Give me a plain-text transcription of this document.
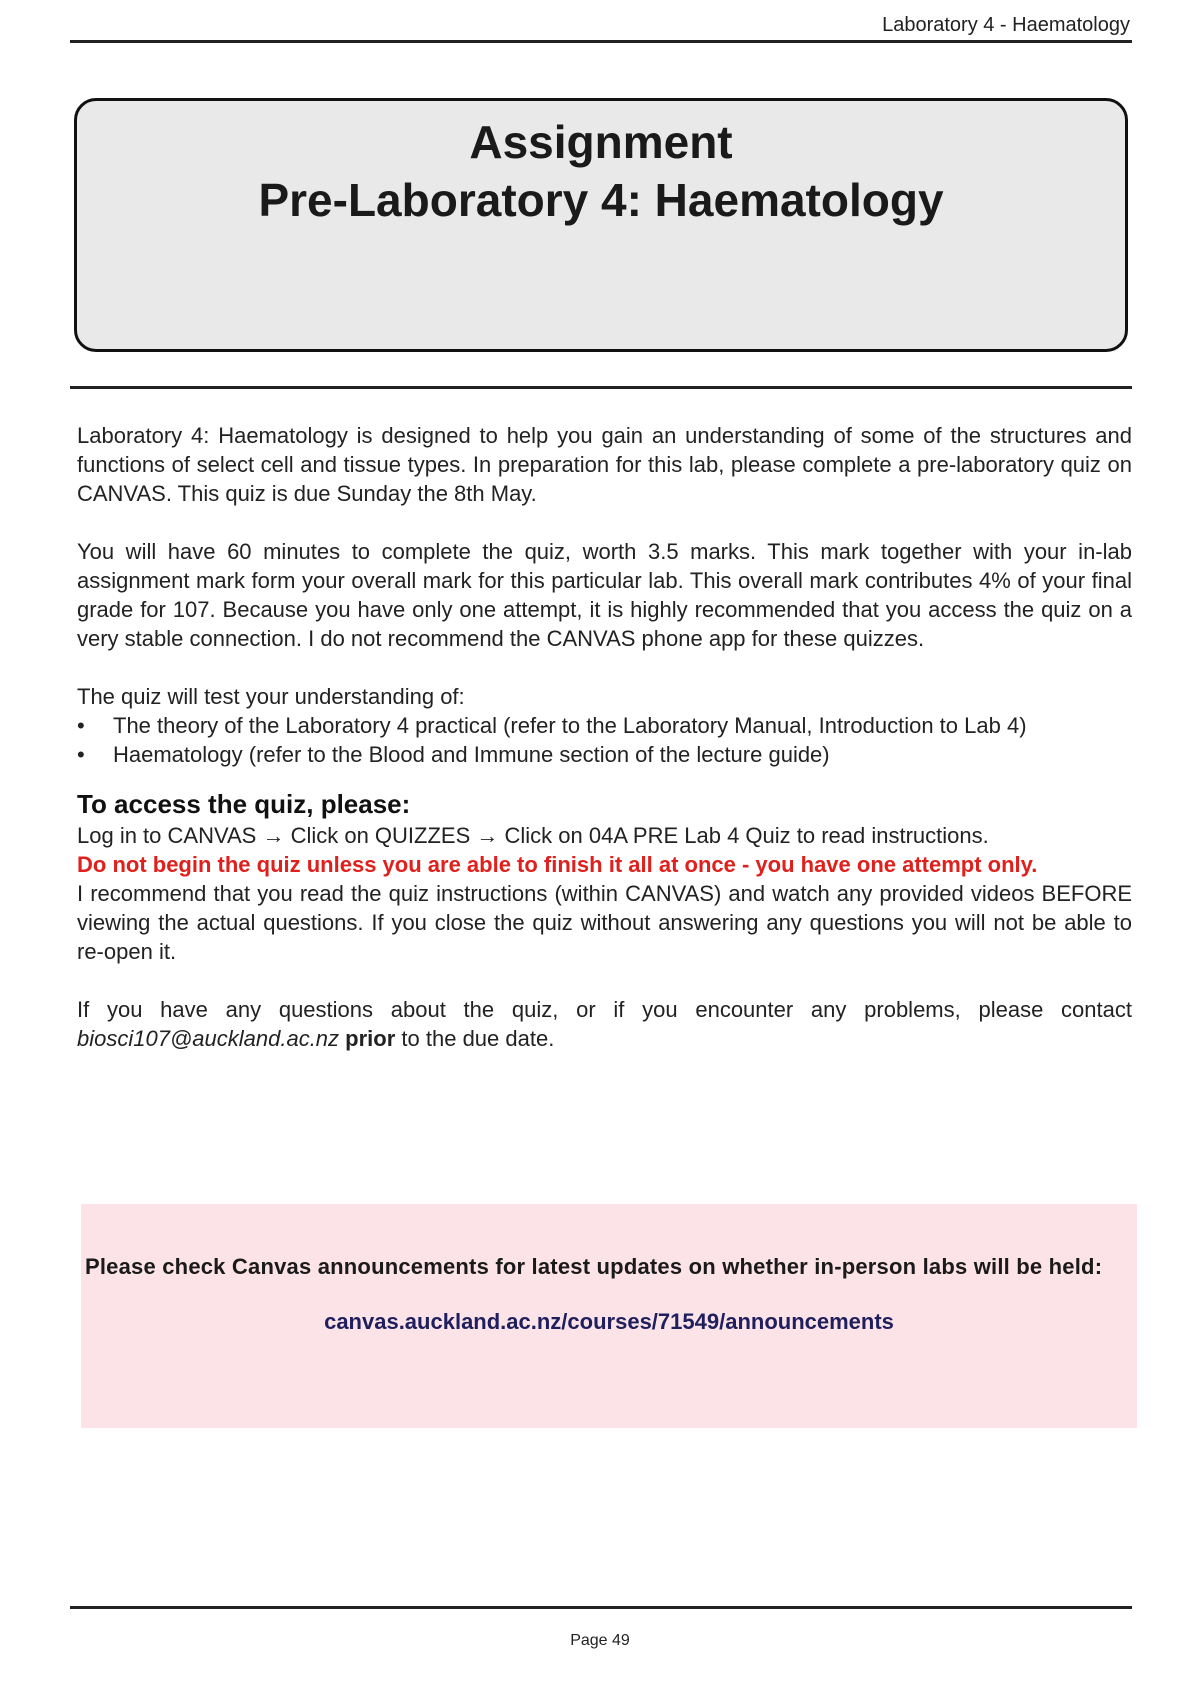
Laboratory 4 - Haematology
Assignment
Pre-Laboratory 4: Haematology

Laboratory 4: Haematology is designed to help you gain an understanding of some of the structures and functions of select cell and tissue types. In preparation for this lab, please complete a pre-laboratory quiz on CANVAS. This quiz is due Sunday the 8th May.

You will have 60 minutes to complete the quiz, worth 3.5 marks. This mark together with your in-lab assignment mark form your overall mark for this particular lab. This overall mark contributes 4% of your final grade for 107. Because you have only one attempt, it is highly recommended that you access the quiz on a very stable connection. I do not recommend the CANVAS phone app for these quizzes.

The quiz will test your understanding of:

• The theory of the Laboratory 4 practical (refer to the Laboratory Manual, Introduction to Lab 4)
• Haematology (refer to the Blood and Immune section of the lecture guide)
To access the quiz, please:

Log in to CANVAS → Click on QUIZZES → Click on 04A PRE Lab 4 Quiz to read instructions.

Do not begin the quiz unless you are able to finish it all at once - you have one attempt only.

I recommend that you read the quiz instructions (within CANVAS) and watch any provided videos BEFORE viewing the actual questions. If you close the quiz without answering any questions you will not be able to re-open it.

If you have any questions about the quiz, or if you encounter any problems, please contact biosci107@auckland.ac.nz prior to the due date.

Please check Canvas announcements for latest updates on whether in-person labs will be held:
canvas.auckland.ac.nz/courses/71549/announcements
Page 49
